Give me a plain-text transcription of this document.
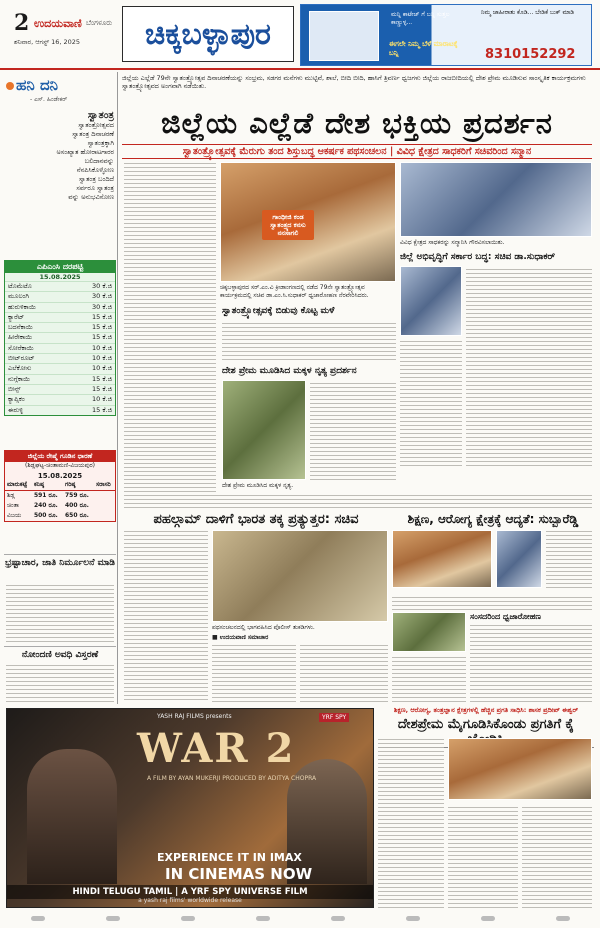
2 ಉದಯವಾಣಿ ಬೆಂಗಳೂರು
ಶನಿವಾರ, ಆಗಸ್ಟ್ 16, 2025	ಚಿಕ್ಕಬಳ್ಳಾಪುರ
ಮನ್ನಿ ಕಾಟೇಜ್ ಗೆ ಬನ್ನಿ ಸುತ್ತಲ ಕಾಣ್ಣುಳ್ಳ...
ಈಗಲೇ ನಿಮ್ಮ ಬೆಳೆ ಮಾರಾಟಕ್ಕೆ ಬನ್ನಿ
ನಿಮ್ಮ ಜಾಹೀರಾತು ಕೊಡಿ... ಬೇಡಿಕೆ ಬುಕ್ ಮಾಡಿ
8310152292
ಹನಿ ದನಿ
- ಎಸ್. ಹಿಂಡೇಕರ್
ಸ್ವಾತಂತ್ರ
ಸ್ವಾತಂತ್ರೋತ್ಸವದ
ಸ್ವಾತಂತ್ರ ದಿನಾಚರಣೆ
ಸ್ವಾತಂತ್ರಕ್ಕಾಗಿ
ಅಸಂಖ್ಯಾತ ಹೋರಾಟಗಾರರ
ಬಲಿದಾನವನ್ನು
ನೆನಪಿಸಿಕೊಳ್ಳೋಣ
ಸ್ವಾತಂತ್ರ ಬಂದಿದೆ
ಸರ್ವರೂ ಸ್ವಾತಂತ್ರ
ವನ್ನು ಅನುಭವಿಸೋಣ
ಎಪಿಎಂಸಿ ದರಪಟ್ಟಿ
15.08.2025
ಟೊಮೆಟೊ	30 ಕೆ.ಜಿ
ಮೂಲಂಗಿ	30 ಕೆ.ಜಿ
ಹುರುಳಿಕಾಯಿ	30 ಕೆ.ಜಿ
ಕ್ಯಾರೆಟ್	15 ಕೆ.ಜಿ
ಬದನೆಕಾಯಿ	15 ಕೆ.ಜಿ
ಹೀರೇಕಾಯಿ	15 ಕೆ.ಜಿ
ಸೋರೆಕಾಯಿ	10 ಕೆ.ಜಿ
ಬೀಟ್‌ರೂಟ್	10 ಕೆ.ಜಿ
ಎಲೆಕೋಸು	10 ಕೆ.ಜಿ
ನುಗ್ಗೆಕಾಯಿ	15 ಕೆ.ಜಿ
ಬೀನ್ಸ್	15 ಕೆ.ಜಿ
ಕ್ಯಾಪ್ಸಿಕಂ	10 ಕೆ.ಜಿ
ಈರುಳ್ಳಿ	15 ಕೆ.ಜಿ
ಜಿಲ್ಲೆಯ ರೇಷ್ಮೆ ಗೂಡಿನ ಧಾರಣೆ
(ಶಿಡ್ಲಘಟ್ಟ-ಚಿಂತಾಮಣಿ-ವಿಜಯಪುರ)
15.08.2025
ಮಾರುಕಟ್ಟೆ	ಕನಿಷ್ಠ	ಗರಿಷ್ಠ	ಸರಾಸರಿ
ಶಿಡ್ಲ	591 ರೂ.	759 ರೂ.	
ಚಿಂತಾ	240 ರೂ.	400 ರೂ.	
ವಿಜಯ	500 ರೂ.	650 ರೂ.	
ಭ್ರಷ್ಟಾಚಾರ, ಜಾತಿ ನಿರ್ಮೂಲನೆ ಮಾಡಿ
ನೋಂದಣಿ ಅವಧಿ ವಿಸ್ತರಣೆ
ಜಿಲ್ಲೆಯ ಎಲ್ಲೆಡೆ 79ನೇ ಸ್ವಾತಂತ್ರ್ಯೋತ್ಸವ ದಿನಾಚರಣೆಯನ್ನು ಸಂಭ್ರಮ, ಸಡಗರ ಮನೆಗಳು ಮುಟ್ಟಿವೆ, ಶಾಲೆ, ಬೀದಿ ಬೀದಿ, ಹಾಸಿಗೆ ತ್ರಿವರ್ಣ ಧ್ವಜಗಳು ಜಿಲ್ಲೆಯ ರಾಜಬೀದಿಯಲ್ಲಿ ದೇಶ ಪ್ರೇಮ ಮೂಡಿಸುವ ಸಾಂಸ್ಕೃತಿಕ ಕಾರ್ಯಕ್ರಮಗಳು ಸ್ವಾತಂತ್ರ್ಯೋತ್ಸವದ ಅಂಗವಾಗಿ ನಡೆಯಿತು.
ಜಿಲ್ಲೆಯ ಎಲ್ಲೆಡೆ ದೇಶ ಭಕ್ತಿಯ ಪ್ರದರ್ಶನ
ಸ್ವಾತಂತ್ರ್ಯೋತ್ಸವಕ್ಕೆ ಮೆರುಗು ತಂದ ಶಿಸ್ತುಬದ್ಧ ಆಕರ್ಷಕ ಪಥಸಂಚಲನ | ವಿವಿಧ ಕ್ಷೇತ್ರದ ಸಾಧಕರಿಗೆ ಸಚಿವರಿಂದ ಸನ್ಮಾನ
ಗಾಂಧೀಜಿ ಕಂಡ ಸ್ವಾತಂತ್ರ್ಯದ ಕನಸು ನನಸಾಗಲಿ
ಚಿಕ್ಕಬಳ್ಳಾಪುರದ ಸರ್.ಎಂ.ವಿ ಕ್ರೀಡಾಂಗಣದಲ್ಲಿ ನಡೆದ 79ನೇ ಸ್ವಾತಂತ್ರ್ಯೋತ್ಸವ ಕಾರ್ಯಕ್ರಮದಲ್ಲಿ ಸಚಿವ ಡಾ.ಎಂ.ಸಿ.ಸುಧಾಕರ್ ಧ್ವಜಾರೋಹಣ ನೆರವೇರಿಸಿದರು.
ವಿವಿಧ ಕ್ಷೇತ್ರದ ಸಾಧಕರನ್ನು ಸನ್ಮಾನಿಸಿ ಗೌರವಿಸಲಾಯಿತು.
ಸ್ವಾತಂತ್ರ್ಯೋತ್ಸವಕ್ಕೆ ಬಿಡುವು ಕೊಟ್ಟ ಮಳೆ
ಜಿಲ್ಲೆ ಅಭಿವೃದ್ಧಿಗೆ ಸರ್ಕಾರ ಬದ್ಧ: ಸಚಿವ ಡಾ.ಸುಧಾಕರ್
ದೇಶ ಪ್ರೇಮ ಮೂಡಿಸಿದ ಮಕ್ಕಳ ನೃತ್ಯ ಪ್ರದರ್ಶನ
ದೇಶ ಪ್ರೇಮ ಮೂಡಿಸಿದ ಮಕ್ಕಳ ನೃತ್ಯ.
ಪಹಲ್ಗಾಮ್ ದಾಳಿಗೆ ಭಾರತ ತಕ್ಕ ಪ್ರತ್ಯುತ್ತರ: ಸಚಿವ	ಶಿಕ್ಷಣ, ಆರೋಗ್ಯ ಕ್ಷೇತ್ರಕ್ಕೆ ಆದ್ಯತೆ: ಸುಬ್ಬಾರೆಡ್ಡಿ
ಪಥಸಂಚಲನದಲ್ಲಿ ಭಾಗವಹಿಸಿದ ಪೊಲೀಸ್ ತುಕಡಿಗಳು.
■ ಉದಯವಾಣಿ ಸಮಾಚಾರ
ಸಂಸದರಿಂದ ಧ್ವಜಾರೋಹಣ
YASH RAJ FILMS presents	YRF SPY
WAR 2
A FILM BY AYAN MUKERJI PRODUCED BY ADITYA CHOPRA
EXPERIENCE IT IN IMAX
IN CINEMAS NOW
HINDI TELUGU TAMIL | A YRF SPY UNIVERSE FILM
a yash raj films' worldwide release
ಶಿಕ್ಷಣ, ಆರೋಗ್ಯ, ತಂತ್ರಜ್ಞಾನ ಕ್ಷೇತ್ರಗಳಲ್ಲಿ ಹೆಚ್ಚಿನ ಪ್ರಗತಿ ಸಾಧಿಸಿ: ಶಾಸಕ ಪ್ರದೀಪ್ ಈಶ್ವರ್
ದೇಶಪ್ರೇಮ ಮೈಗೂಡಿಸಿಕೊಂಡು ಪ್ರಗತಿಗೆ ಕೈ
